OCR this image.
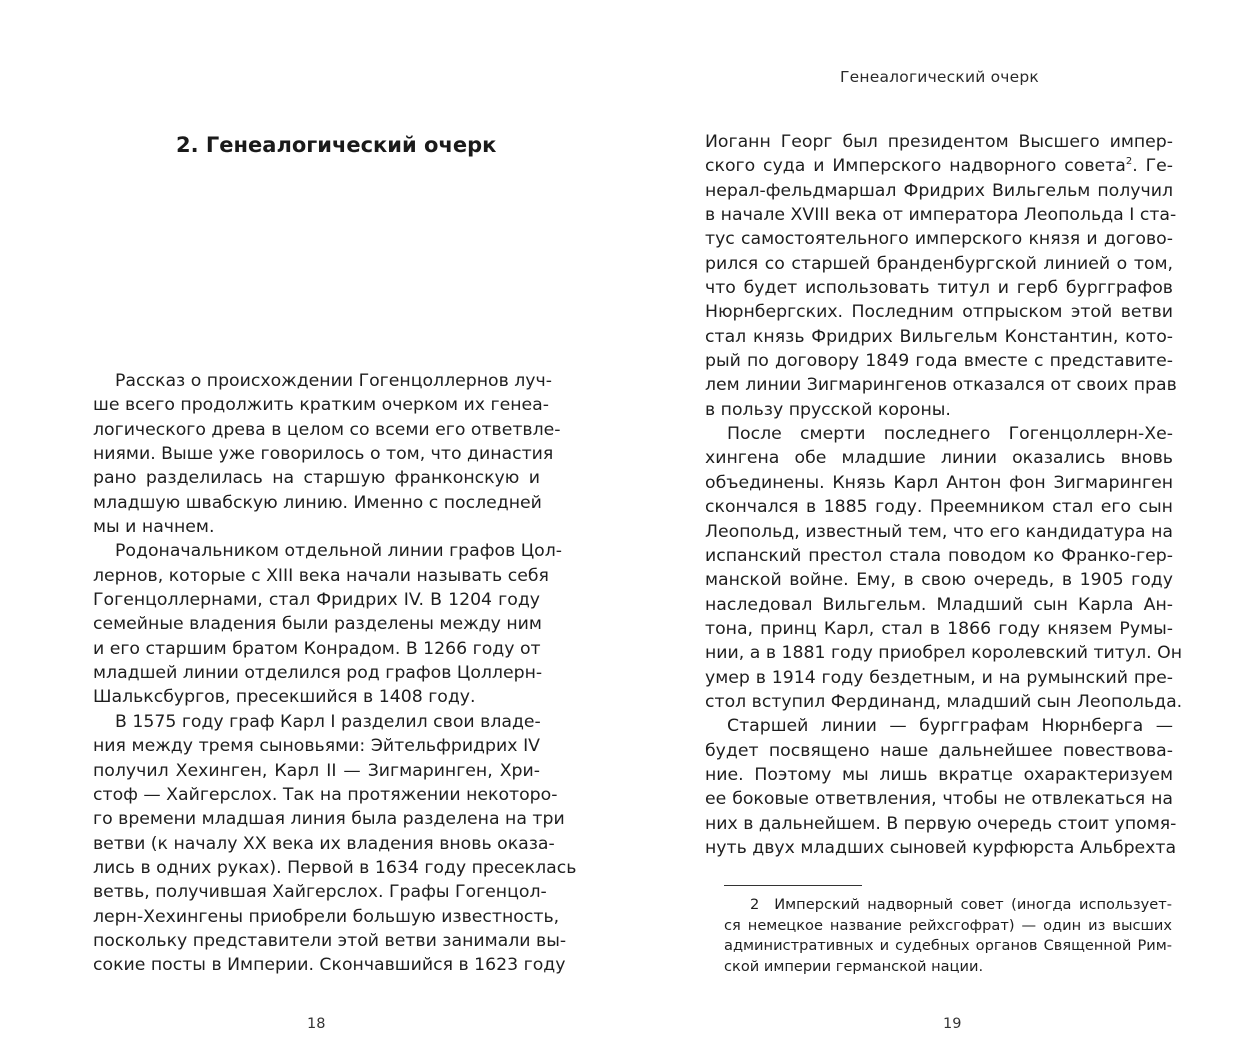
Генеалогический очерк
2. Генеалогический очерк
Рассказ о происхождении Гогенцоллернов луч-
ше всего продолжить кратким очерком их генеа-
логического древа в целом со всеми его ответвле-
ниями. Выше уже говорилось о том, что династия
рано разделилась на старшую франконскую и
младшую швабскую линию. Именно с последней
мы и начнем.
Родоначальником отдельной линии графов Цол-
лернов, которые с XIII века начали называть себя
Гогенцоллернами, стал Фридрих IV. В 1204 году
семейные владения были разделены между ним
и его старшим братом Конрадом. В 1266 году от
младшей линии отделился род графов Цоллерн-
Шалькcбургов, пресекшийся в 1408 году.
В 1575 году граф Карл I разделил свои владе-
ния между тремя сыновьями: Эйтельфридрих IV
получил Хехинген, Карл II — Зигмаринген, Хри-
стоф — Хайгерслох. Так на протяжении некоторо-
го времени младшая линия была разделена на три
ветви (к началу XX века их владения вновь оказа-
лись в одних руках). Первой в 1634 году пресеклась
ветвь, получившая Хайгерслох. Графы Гогенцол-
лерн-Хехингены приобрели большую известность,
поскольку представители этой ветви занимали вы-
сокие посты в Империи. Скончавшийся в 1623 году
Иоганн Георг был президентом Высшего импер-
ского суда и Имперского надворного совета$^2$. Ге-
нерал-фельдмаршал Фридрих Вильгельм получил
в начале XVIII века от императора Леопольда I ста-
тус самостоятельного имперского князя и догово-
рился со старшей бранденбургской линией о том,
что будет использовать титул и герб бургграфов
Нюрнбергских. Последним отпрыском этой ветви
стал князь Фридрих Вильгельм Константин, кото-
рый по договору 1849 года вместе с представите-
лем линии Зигмарингенов отказался от своих прав
в пользу прусской короны.
После смерти последнего Гогенцоллерн-Хе-
хингена обе младшие линии оказались вновь
объединены. Князь Карл Антон фон Зигмаринген
скончался в 1885 году. Преемником стал его сын
Леопольд, известный тем, что его кандидатура на
испанский престол стала поводом ко Франко-гер-
манской войне. Ему, в свою очередь, в 1905 году
наследовал Вильгельм. Младший сын Карла Ан-
тона, принц Карл, стал в 1866 году князем Румы-
нии, а в 1881 году приобрел королевский титул. Он
умер в 1914 году бездетным, и на румынский пре-
стол вступил Фердинанд, младший сын Леопольда.
Старшей линии — бургграфам Нюрнберга —
будет посвящено наше дальнейшее повествова-
ние. Поэтому мы лишь вкратце охарактеризуем
ее боковые ответвления, чтобы не отвлекаться на
них в дальнейшем. В первую очередь стоит упомя-
нуть двух младших сыновей курфюрста Альбрехта
2 Имперский надворный совет (иногда использует-
ся немецкое название рейхсгофрат) — один из высших
административных и судебных органов Священной Рим-
ской империи германской нации.
18	19
